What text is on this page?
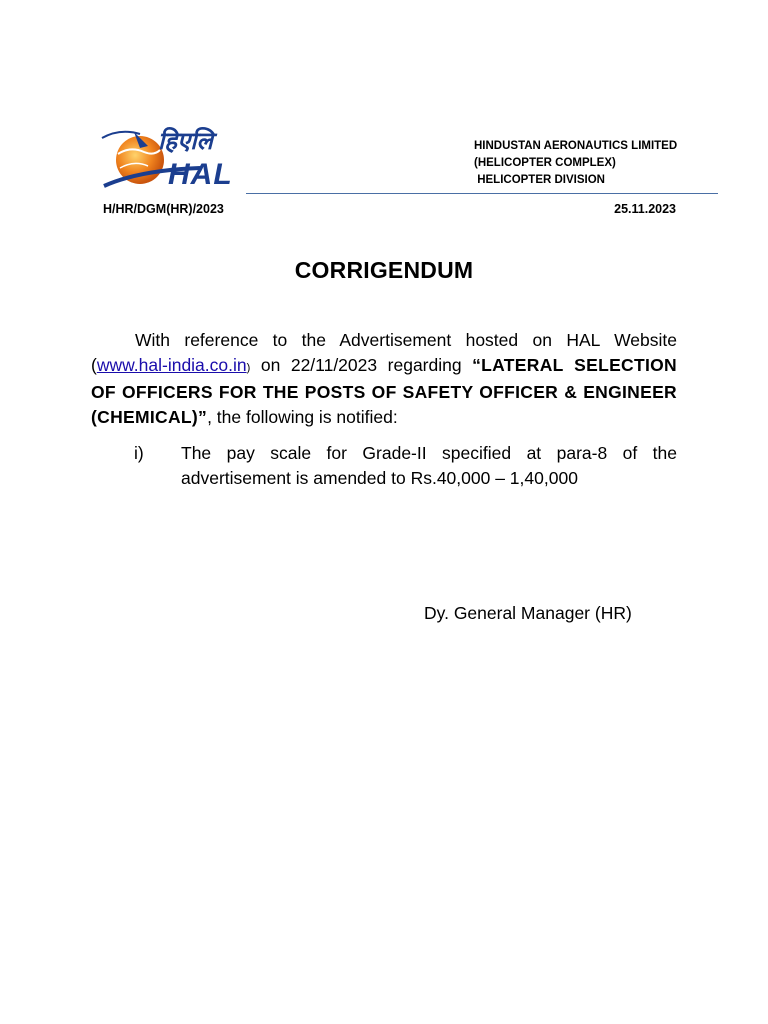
हिएलि
HAL
HINDUSTAN AERONAUTICS LIMITED
(HELICOPTER COMPLEX)
HELICOPTER DIVISION
H/HR/DGM(HR)/2023	25.11.2023
CORRIGENDUM
With reference to the Advertisement hosted on HAL Website (www.hal-india.co.in) on 22/11/2023 regarding “LATERAL SELECTION OF OFFICERS FOR THE POSTS OF SAFETY OFFICER & ENGINEER (CHEMICAL)”, the following is notified:
i)	The pay scale for Grade-II specified at para-8 of the advertisement is amended to Rs.40,000 – 1,40,000
Dy. General Manager (HR)
